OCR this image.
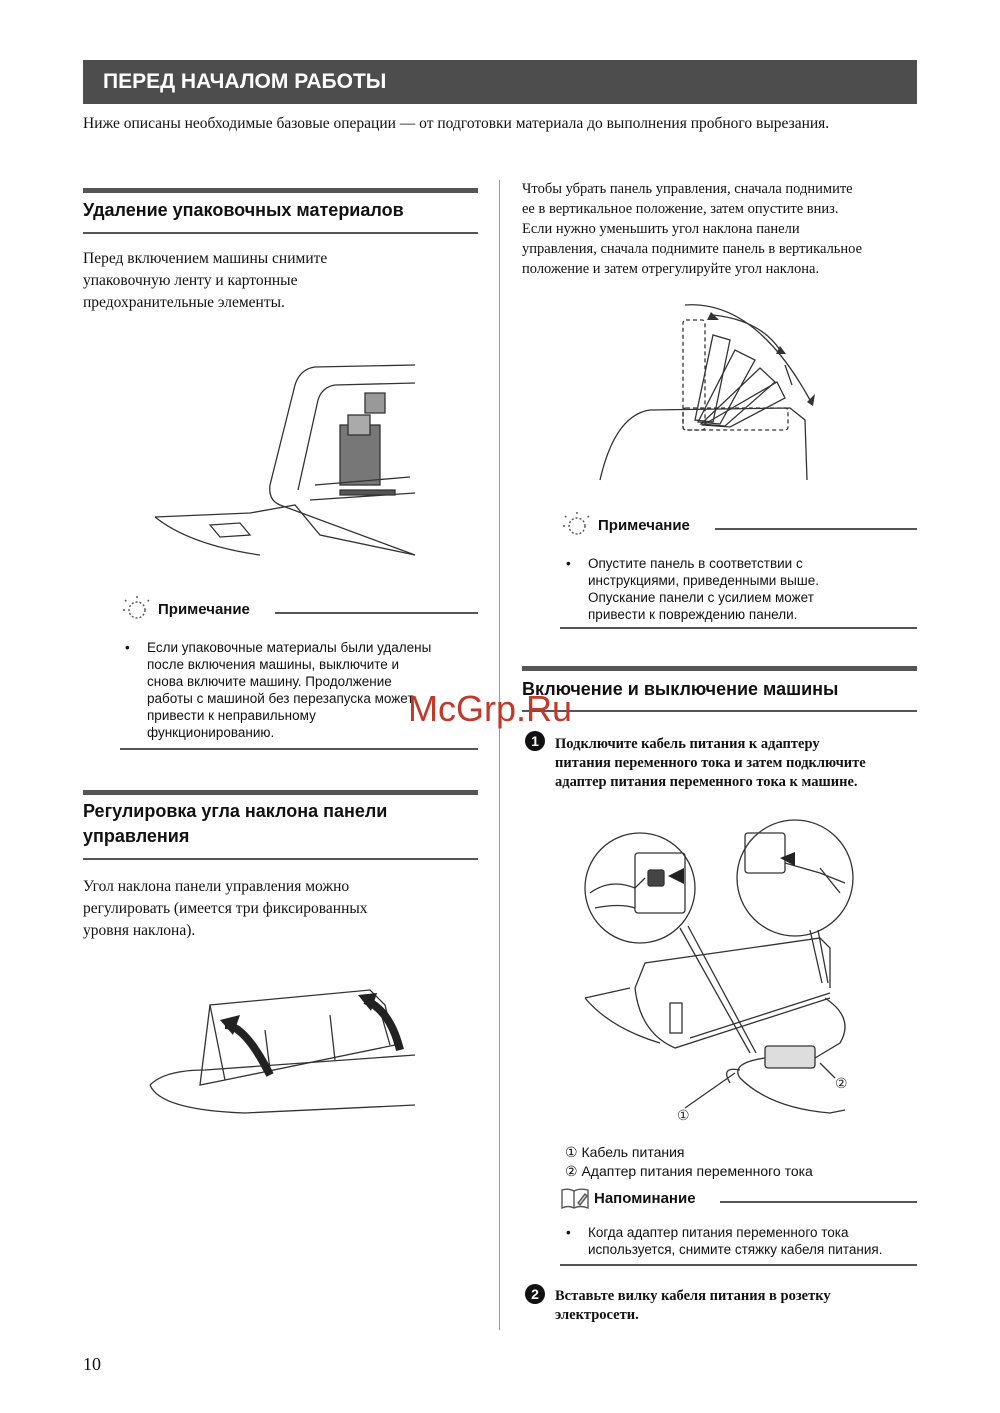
ПЕРЕД НАЧАЛОМ РАБОТЫ
Ниже описаны необходимые базовые операции — от подготовки материала до выполнения пробного вырезания.
Удаление упаковочных материалов
Перед включением машины снимите
упаковочную ленту и картонные
предохранительные элементы.
Примечание
• Если упаковочные материалы были удалены
после включения машины, выключите и
снова включите машину. Продолжение
работы с машиной без перезапуска может
привести к неправильному
функционированию.
Регулировка угла наклона панели
управления
Угол наклона панели управления можно
регулировать (имеется три фиксированных
уровня наклона).
Чтобы убрать панель управления, сначала поднимите
ее в вертикальное положение, затем опустите вниз.
Если нужно уменьшить угол наклона панели
управления, сначала поднимите панель в вертикальное
положение и затем отрегулируйте угол наклона.
Примечание
• Опустите панель в соответствии с
инструкциями, приведенными выше.
Опускание панели с усилием может
привести к повреждению панели.
Включение и выключение машины
1	Подключите кабель питания к адаптеру
питания переменного тока и затем подключите
адаптер питания переменного тока к машине.
①
②
① Кабель питания
② Адаптер питания переменного тока
Напоминание
• Когда адаптер питания переменного тока
используется, снимите стяжку кабеля питания.
2	Вставьте вилку кабеля питания в розетку
электросети.
10
McGrp.Ru
